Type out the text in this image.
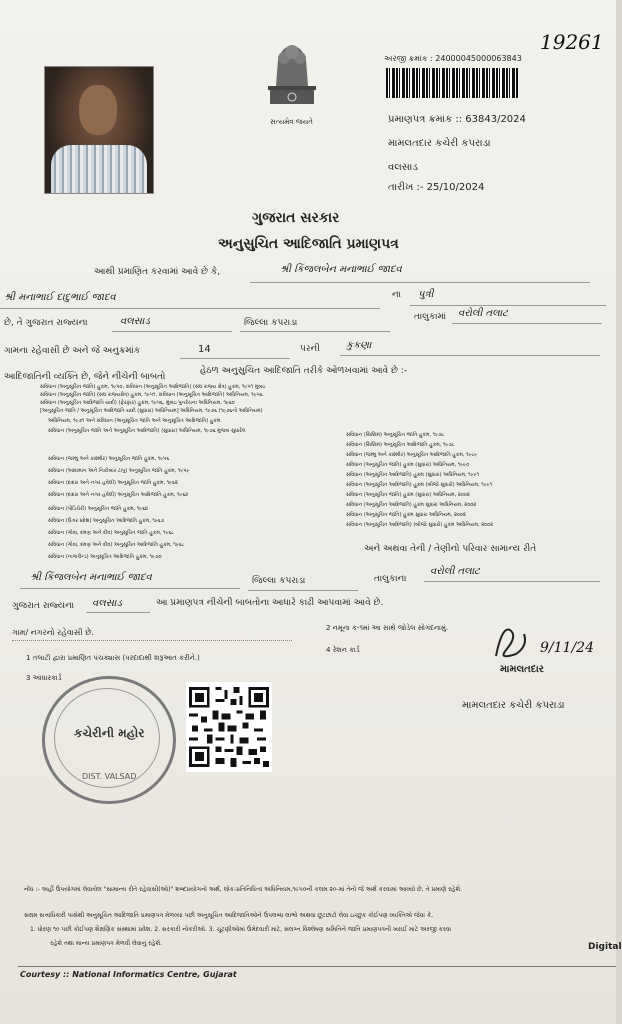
19261
સત્યમેવ જયતે
અરજી ક્રમાંક : 24000045000063843
પ્રમાણપત્ર ક્રમાંક :: 63843/2024
મામલતદાર કચેરી કપરાડા
વલસાડ
તારીખ :- 25/10/2024
ગુજરાત સરકાર
અનુસુચિત આદિજાતિ પ્રમાણપત્ર
આથી પ્રમાણિત કરવામાં આવે છે કે,	શ્રી કિંજલબેન મનાભાઈ જાદવ
શ્રી મનાભાઈ દાદુભાઈ જાદવ	ના પુત્રી
છે, તે ગુજરાત રાજ્યના	વલસાડ	જિલ્લા કપરાડા
તાલુકામાં વરોલી તલાટ
ગામના રહેવાસી છે અને જે અનુક્રમાંક	14	પરની	કુકણા
આદિજાતિની વ્યક્તિ છે, જેને નીચેની બાબતો
હેઠળ અનુસુચિત આદિજાતિ તરીકે ઓળખવામાં આવે છે :-
સંવિધાન (અનુસૂચિત જાતિ) હુકમ, ૧૯૫૦, સંવિધાન (અનુસૂચિત આદિજાતિ) (સંઘ રાજ્ય ક્ષેત્ર) હુકમ, ૧૯૫૧ મુંબઇ
સંવિધાન (અનુસૂચિત જાતિ) (સંઘ રાજ્યક્ષેત્ર) હુકમ, ૧૯૫૧, સંવિધાન (અનુસૂચિત આદિજાતિ) અધિનિયમ, ૧૯૫૬
સંવિધાન (અનુસૂચિત આદિજાતિ યાદી) (ફેરફાર) હુકમ, ૧૯૫૬, મુંબઇ પુનર્રચના અધિનિયમ, ૧૯૬૦
[અનુસૂચિત જાતિ / અનુસૂચિત આદિજાતિ યાદી (સુધારા) અધિનિયમ] અધિનિયમ, ૧૯૭૬ (૧૯૭૬નો અધિનિયમ)
અધિનિયમ, ૧૯૭૧ અને સંવિધાન (અનુસૂચિત જાતિ અને અનુસૂચિત આદિજાતિ) હુકમ
સંવિધાન (અનુસૂચિત જાતિ અને અનુસૂચિત આદિજાતિ) (સુધારા) અધિનિયમ, ૧૯૭૬ મુજબ સુધારેલ
સંવિધાન (જમ્મુ અને કાશ્મીર) અનુસૂચિત જાતિ હુકમ, ૧૯૫૬
સંવિધાન (આંદામાન અને નિકોબાર ટાપુ) અનુસૂચિત જાતિ હુકમ, ૧૯૫૯
સંવિધાન (દાદરા અને નગર હવેલી) અનુસૂચિત જાતિ હુકમ, ૧૯૬૨
સંવિધાન (દાદરા અને નગર હવેલી) અનુસૂચિત આદિજાતિ હુકમ, ૧૯૬૨
સંવિધાન (પોંડિચેરી) અનુસૂચિત જાતિ હુકમ, ૧૯૬૪
સંવિધાન (ઉત્તર પ્રદેશ) અનુસૂચિત આદિજાતિ હુકમ, ૧૯૬૭
સંવિધાન (ગોવા, દમણ અને દીવ) અનુસૂચિત જાતિ હુકમ, ૧૯૬૮
સંવિધાન (ગોવા, દમણ અને દીવ) અનુસૂચિત આદિજાતિ હુકમ, ૧૯૬૮
સંવિધાન (નાગાલેન્ડ) અનુસૂચિત આદિજાતિ હુકમ, ૧૯૭૦
સંવિધાન (સિક્કિમ) અનુસૂચિત જાતિ હુકમ, ૧૯૭૮
સંવિધાન (સિક્કિમ) અનુસૂચિત આદિજાતિ હુકમ, ૧૯૭૮
સંવિધાન (જમ્મુ અને કાશ્મીર) અનુસૂચિત આદિજાતિ હુકમ, ૧૯૮૯
સંવિધાન (અનુસૂચિત જાતિ) હુકમ (સુધારા) અધિનિયમ, ૧૯૯૦
સંવિધાન (અનુસૂચિત આદિજાતિ) હુકમ (સુધારા) અધિનિયમ, ૧૯૯૧
સંવિધાન (અનુસૂચિત આદિજાતિ) હુકમ (બીજો સુધારો) અધિનિયમ, ૧૯૯૧
સંવિધાન (અનુસૂચિત જાતિ) હુકમ (સુધારા) અધિનિયમ, ૨૦૦૨
સંવિધાન (અનુસૂચિત આદિજાતિ) હુકમ સુધારા અધિનિયમ, ૨૦૦૨
સંવિધાન (અનુસૂચિત જાતિ) હુકમ સુધારા અધિનિયમ, ૨૦૦૨
સંવિધાન (અનુસૂચિત આદિજાતિ) (બીજો સુધારો) હુકમ અધિનિયમ, ૨૦૦૨
અને અથવા તેની / તેણીનો પરિવાર સામાન્ય રીતે
શ્રી કિંજલબેન મનાભાઈ જાદવ	જિલ્લા કપરાડા	તાલુકાના
વરોલી તલાટ
ગુજરાત રાજ્યના વલસાડ	આ પ્રમાણપત્ર નીચેની બાબતોના આધારે કાઢી આપવામાં આવે છે.
ગામ/ નગરનો રહેવાસી છે.
1 તલાટી દ્વારા પ્રમાણિત પંચક્યાસ (પરદાદાથી શરૂઆત કરીને.)
3 આધારકાર્ડ
2 નમૂના ક-૧માં આ સાથે જોડેલ સોગંદનામું.
4 રેશન કાર્ડ	9/11/24
મામલતદાર
મામલતદાર કચેરી કપરાડા
કચેરીની મહોર
DIST. VALSAD
નોંધ :- અહીં ઉપયોગમાં લેવાયેલ "સામાન્ય રીતે રહેવાસી(ઓ)" શબ્દપ્રયોગનો અર્થ, લોક-પ્રતિનિધિત્વ અધિનિયમ,૧૯૫૦ની કલમ ૨૦-માં તેનો જે અર્થ કરવામાં આવ્યો છે, તે પ્રમાણે રહેશે.
સક્ષમ સત્તાધિકારી પાસેથી અનુસૂચિત આદિજાતિ પ્રમાણપત્ર મેળવ્યા પછી અનુસૂચિત આદિજાતિઓને ઉપલબ્ધ લાભો અથવા છૂટછાટો લેવા ઇચ્છુક કોઈપણ વ્યક્તિએ જેવા કે,
1. ધોરણ ૧૦ પછી કોઈપણ શૈક્ષણિક સંસ્થામાં પ્રવેશ. 2. સરકારી નોકરીઓ. 3. ચૂંટણીઓમાં ઉમેદવારી માટે, સંલગ્ન વિશ્લેષણ સમિતિને જાતિ પ્રમાણપત્રની ખરાઈ માટે અરજી કરવા
રહેશે તથા માન્ય પ્રમાણપત્ર મેળવી લેવાનું રહેશે.	Digital
Courtesy :: National Informatics Centre, Gujarat
